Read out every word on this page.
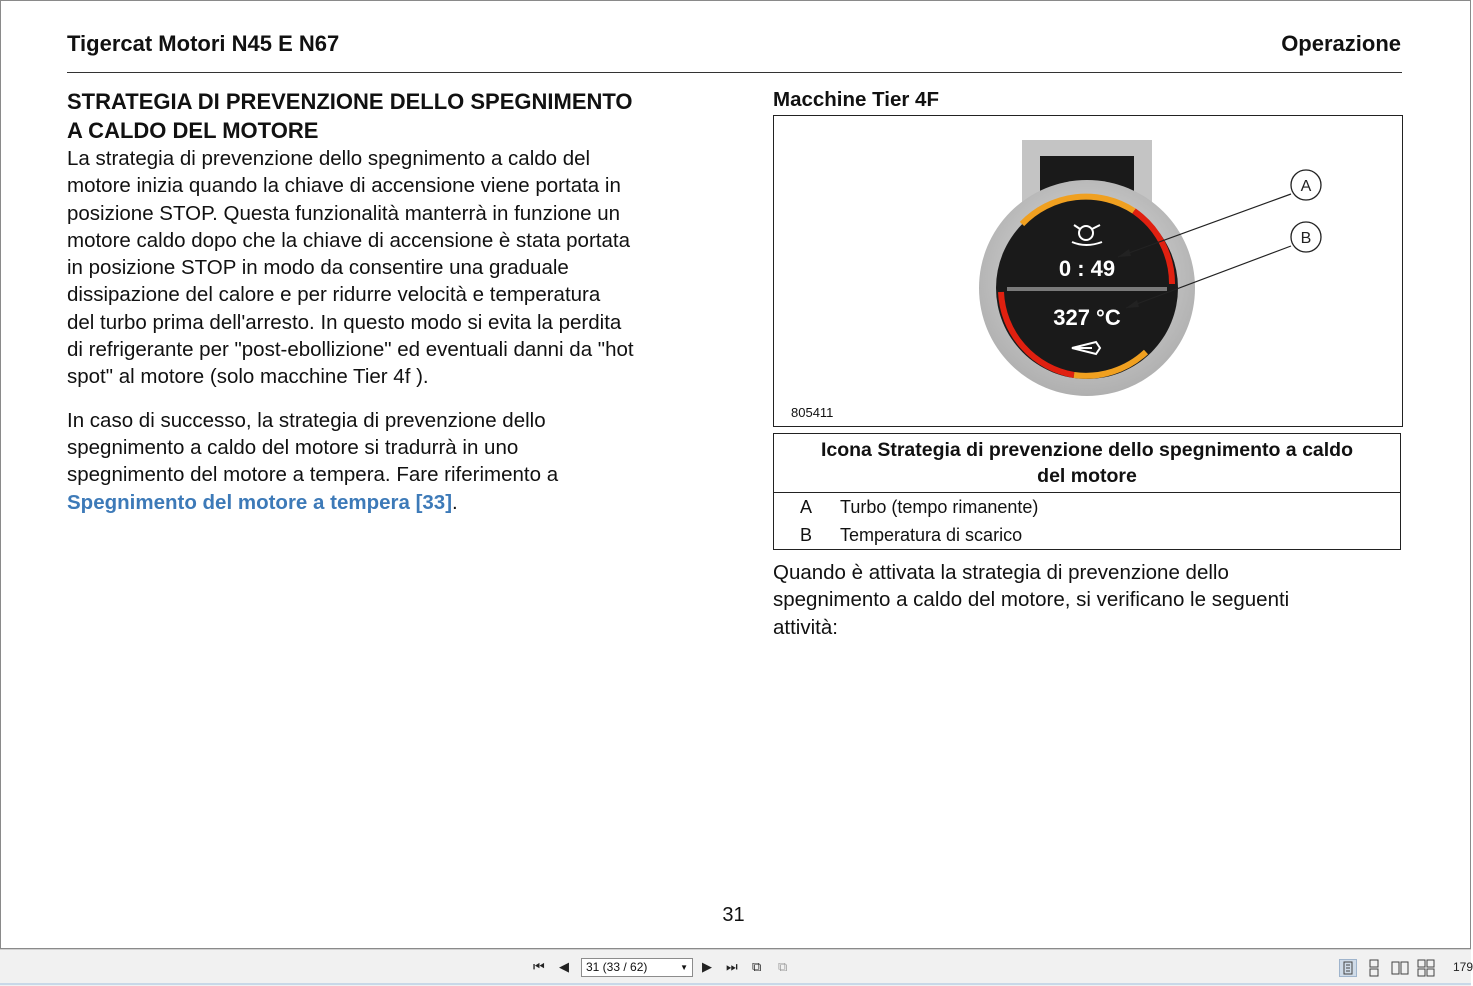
Tigercat Motori N45 E N67	Operazione
STRATEGIA DI PREVENZIONE DELLO SPEGNIMENTO
A CALDO DEL MOTORE

La strategia di prevenzione dello spegnimento a caldo del
motore inizia quando la chiave di accensione viene portata in
posizione STOP. Questa funzionalità manterrà in funzione un
motore caldo dopo che la chiave di accensione è stata portata
in posizione STOP in modo da consentire una graduale
dissipazione del calore e per ridurre velocità e temperatura
del turbo prima dell'arresto. In questo modo si evita la perdita
di refrigerante per "post-ebollizione" ed eventuali danni da "hot
spot" al motore (solo macchine Tier 4f ).

In caso di successo, la strategia di prevenzione dello
spegnimento a caldo del motore si tradurrà in uno
spegnimento del motore a tempera. Fare riferimento a
Spegnimento del motore a tempera [33].

Macchine Tier 4F
0 : 49
327 °C
A
B
805411
Icona Strategia di prevenzione dello spegnimento a caldo
del motore	
A	Turbo (tempo rimanente)
B	Temperatura di scarico

Quando è attivata la strategia di prevenzione dello
spegnimento a caldo del motore, si verificano le seguenti
attività:

31
⏮ ◀	31 (33 / 62)	▼ ▶ ⏭ ⧉ ⧉	179
